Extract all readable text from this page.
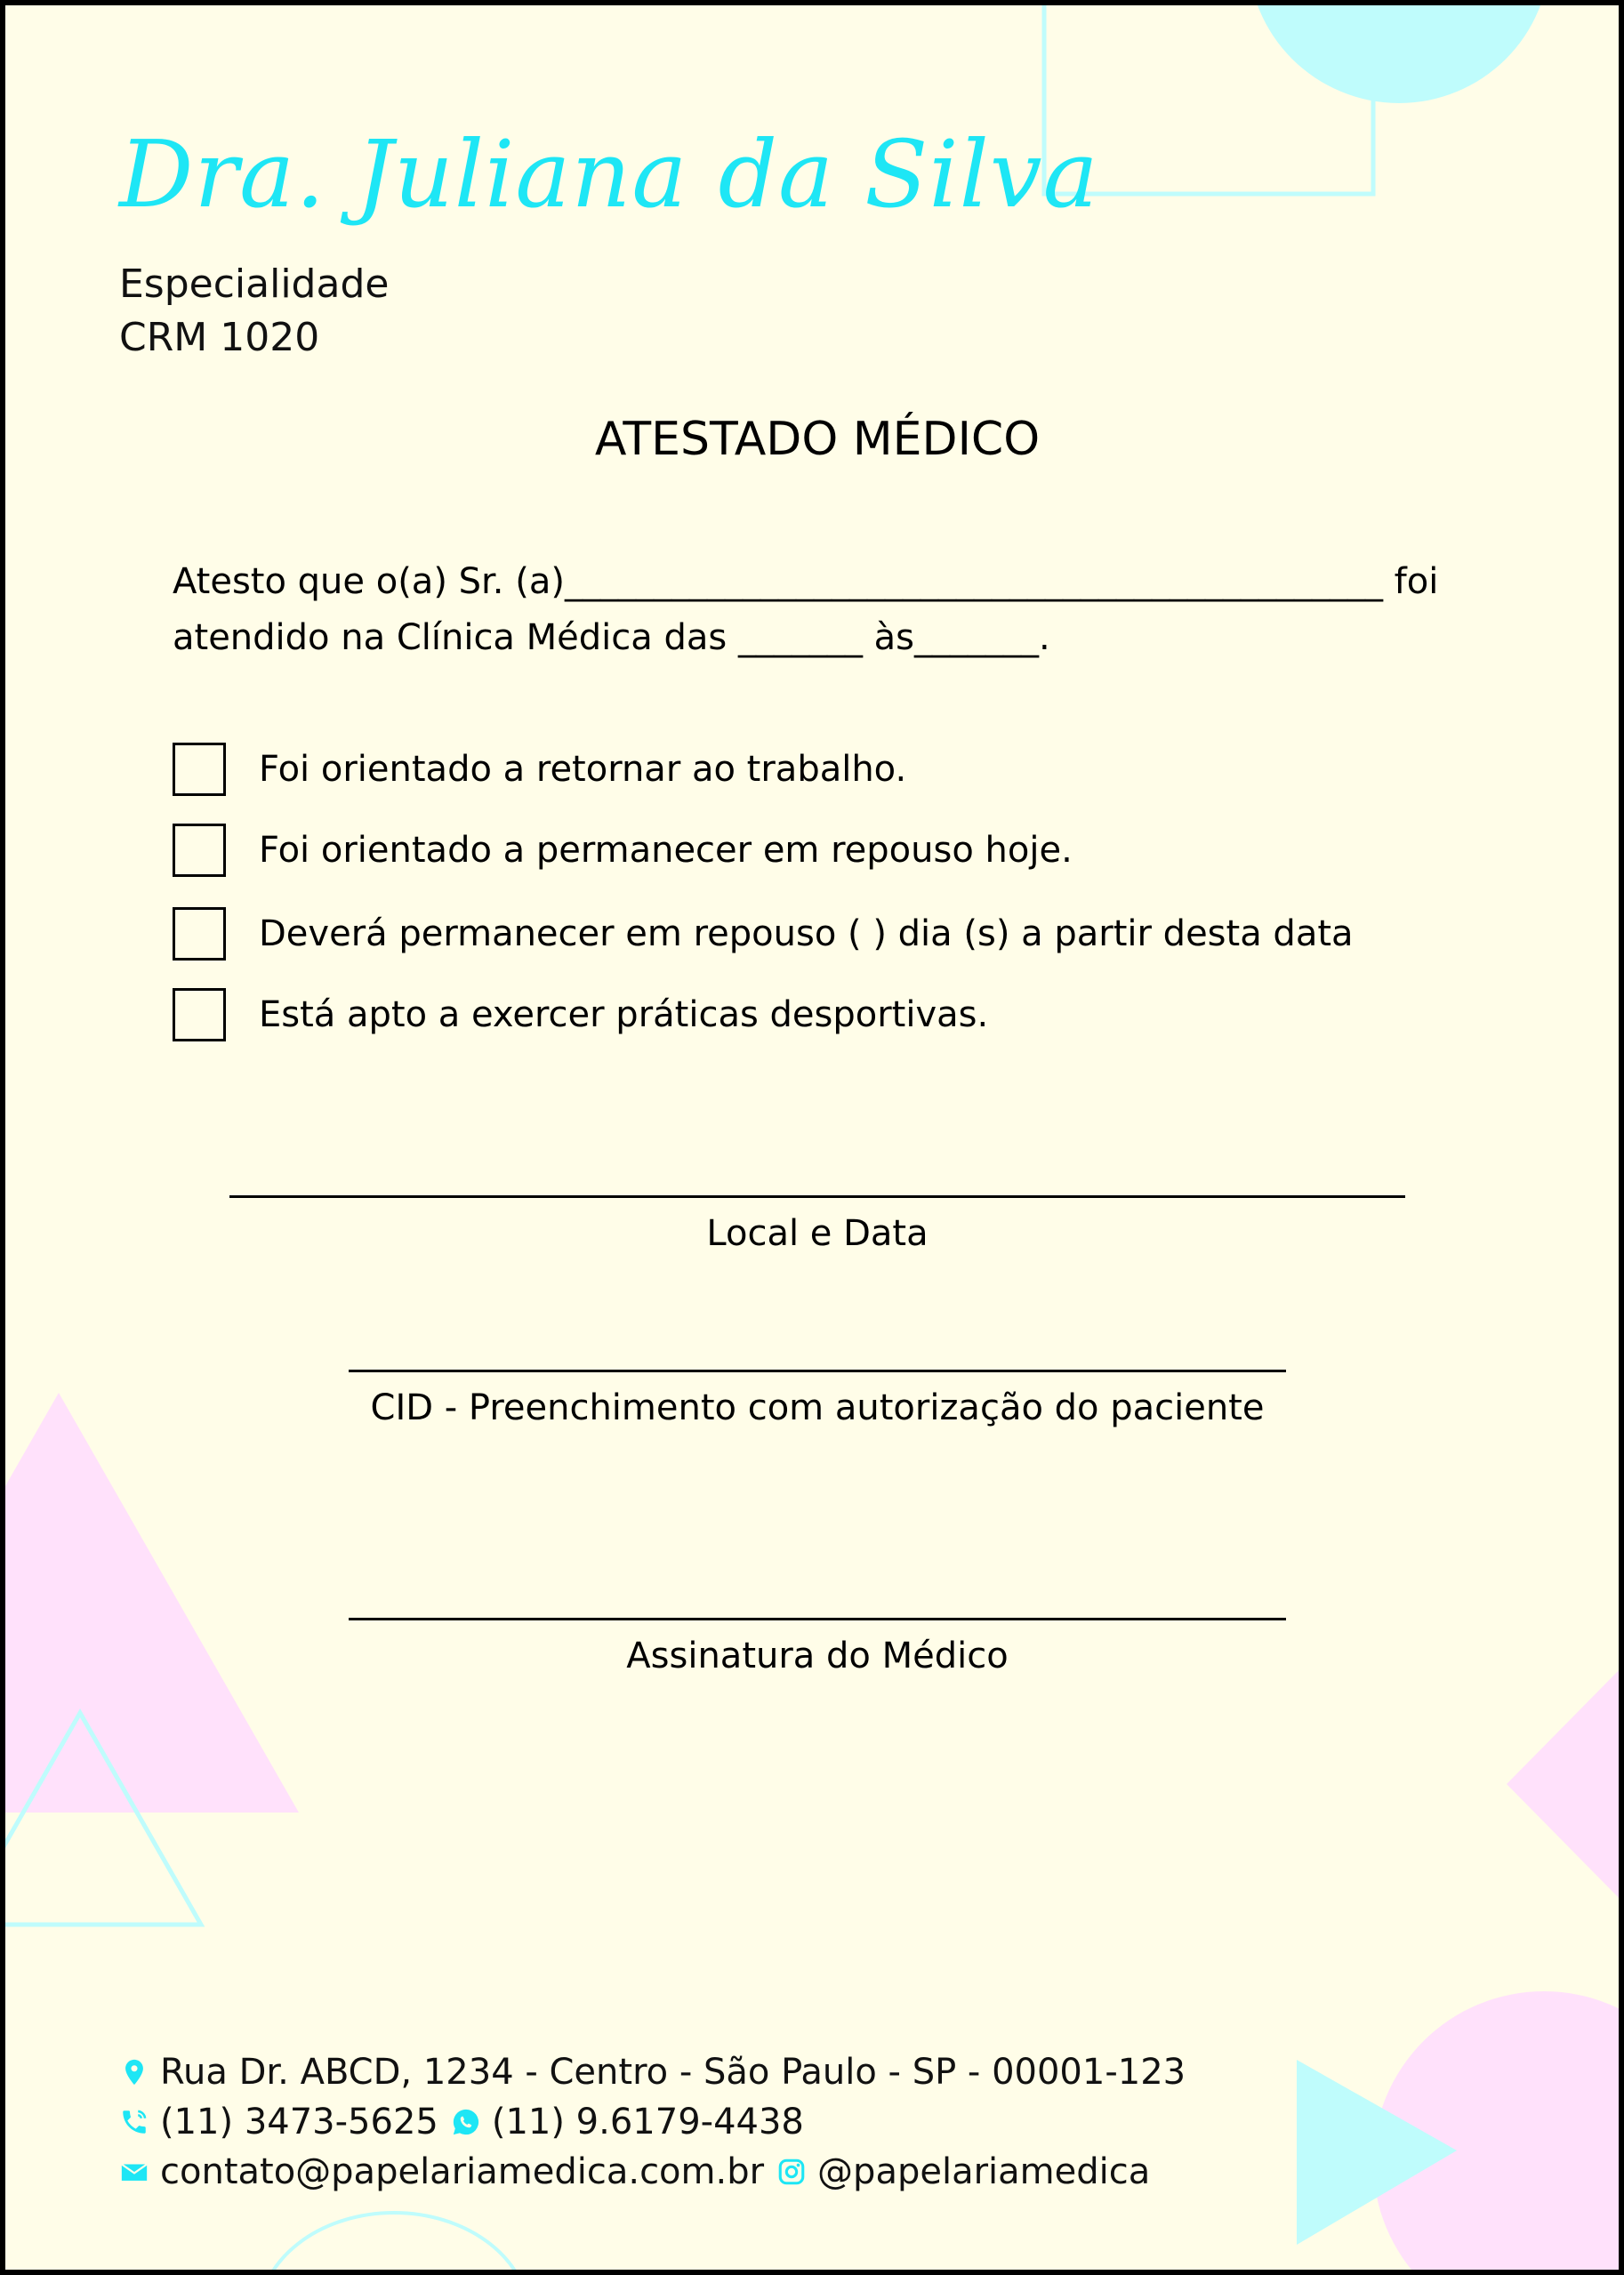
Dra. Juliana da Silva
Especialidade
CRM 1020
ATESTADO MÉDICO
Atesto que o(a) Sr. (a)______________________________________________ foi
atendido na Clínica Médica das _______ às_______.
Foi orientado a retornar ao trabalho.
Foi orientado a permanecer em repouso hoje.
Deverá permanecer em repouso ( ) dia (s) a partir desta data
Está apto a exercer práticas desportivas.
Local e Data
CID - Preenchimento com autorização do paciente
Assinatura do Médico
Rua Dr. ABCD, 1234 - Centro - São Paulo - SP - 00001-123
(11) 3473-5625 (11) 9.6179-4438
contato@papelariamedica.com.br @papelariamedica
